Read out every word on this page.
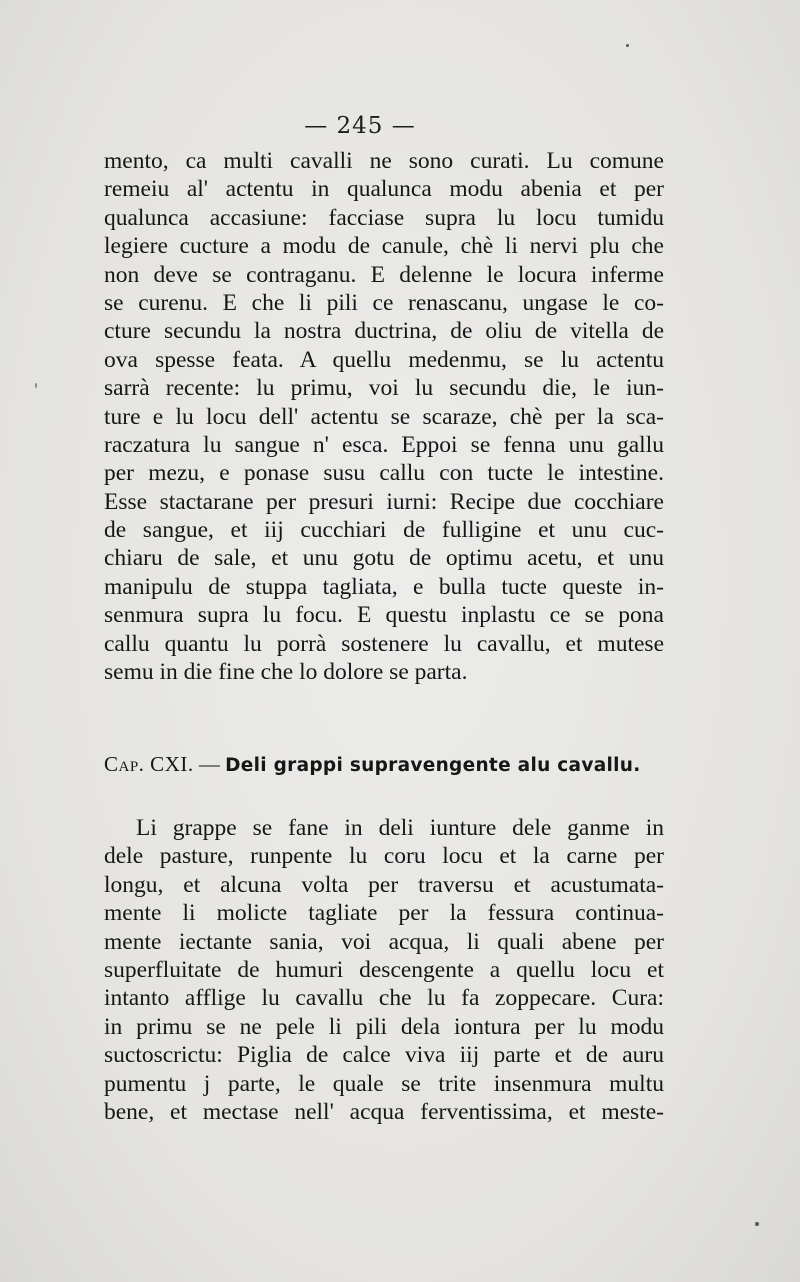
— 245 —
mento, ca multi cavalli ne sono curati. Lu comune
remeiu al' actentu in qualunca modu abenia et per
qualunca accasiune: facciase supra lu locu tumidu
legiere cucture a modu de canule, chè li nervi plu che
non deve se contraganu. E delenne le locura inferme
se curenu. E che li pili ce renascanu, ungase le co-
cture secundu la nostra ductrina, de oliu de vitella de
ova spesse feata. A quellu medenmu, se lu actentu
sarrà recente: lu primu, voi lu secundu die, le iun-
ture e lu locu dell' actentu se scaraze, chè per la sca-
raczatura lu sangue n' esca. Eppoi se fenna unu gallu
per mezu, e ponase susu callu con tucte le intestine.
Esse stactarane per presuri iurni: Recipe due cocchiare
de sangue, et iij cucchiari de fulligine et unu cuc-
chiaru de sale, et unu gotu de optimu acetu, et unu
manipulu de stuppa tagliata, e bulla tucte queste in-
senmura supra lu focu. E questu inplastu ce se pona
callu quantu lu porrà sostenere lu cavallu, et mutese
semu in die fine che lo dolore se parta.
Cap. CXI. — Deli grappi supravengente alu cavallu.
Li grappe se fane in deli iunture dele ganme in
dele pasture, runpente lu coru locu et la carne per
longu, et alcuna volta per traversu et acustumata-
mente li molicte tagliate per la fessura continua-
mente iectante sania, voi acqua, li quali abene per
superfluitate de humuri descengente a quellu locu et
intanto afflige lu cavallu che lu fa zoppecare. Cura:
in primu se ne pele li pili dela iontura per lu modu
suctoscrictu: Piglia de calce viva iij parte et de auru
pumentu j parte, le quale se trite insenmura multu
bene, et mectase nell' acqua ferventissima, et meste-
